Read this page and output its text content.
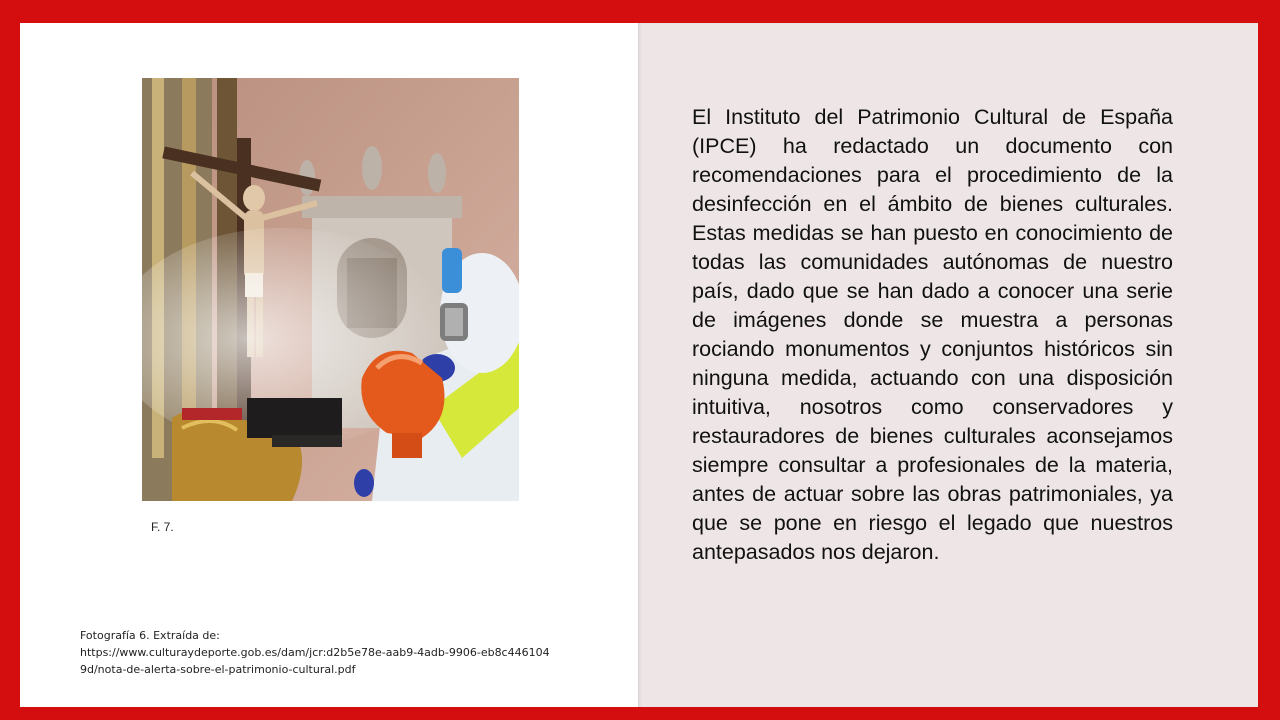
F. 7.
Fotografía 6. Extraída de:
https://www.culturaydeporte.gob.es/dam/jcr:d2b5e78e-aab9-4adb-9906-eb8c4461049d/nota-de-alerta-sobre-el-patrimonio-cultural.pdf
El Instituto del Patrimonio Cultural de España (IPCE) ha redactado un documento con recomendaciones para el procedimiento de la desinfección en el ámbito de bienes culturales. Estas medidas se han puesto en conocimiento de todas las comunidades autónomas de nuestro país, dado que se han dado a conocer una serie de imágenes donde se muestra a personas rociando monumentos y conjuntos históricos sin ninguna medida, actuando con una disposición intuitiva, nosotros como conservadores y restauradores de bienes culturales aconsejamos siempre consultar a profesionales de la materia, antes de actuar sobre las obras patrimoniales, ya que se pone en riesgo el legado que nuestros antepasados nos dejaron.
